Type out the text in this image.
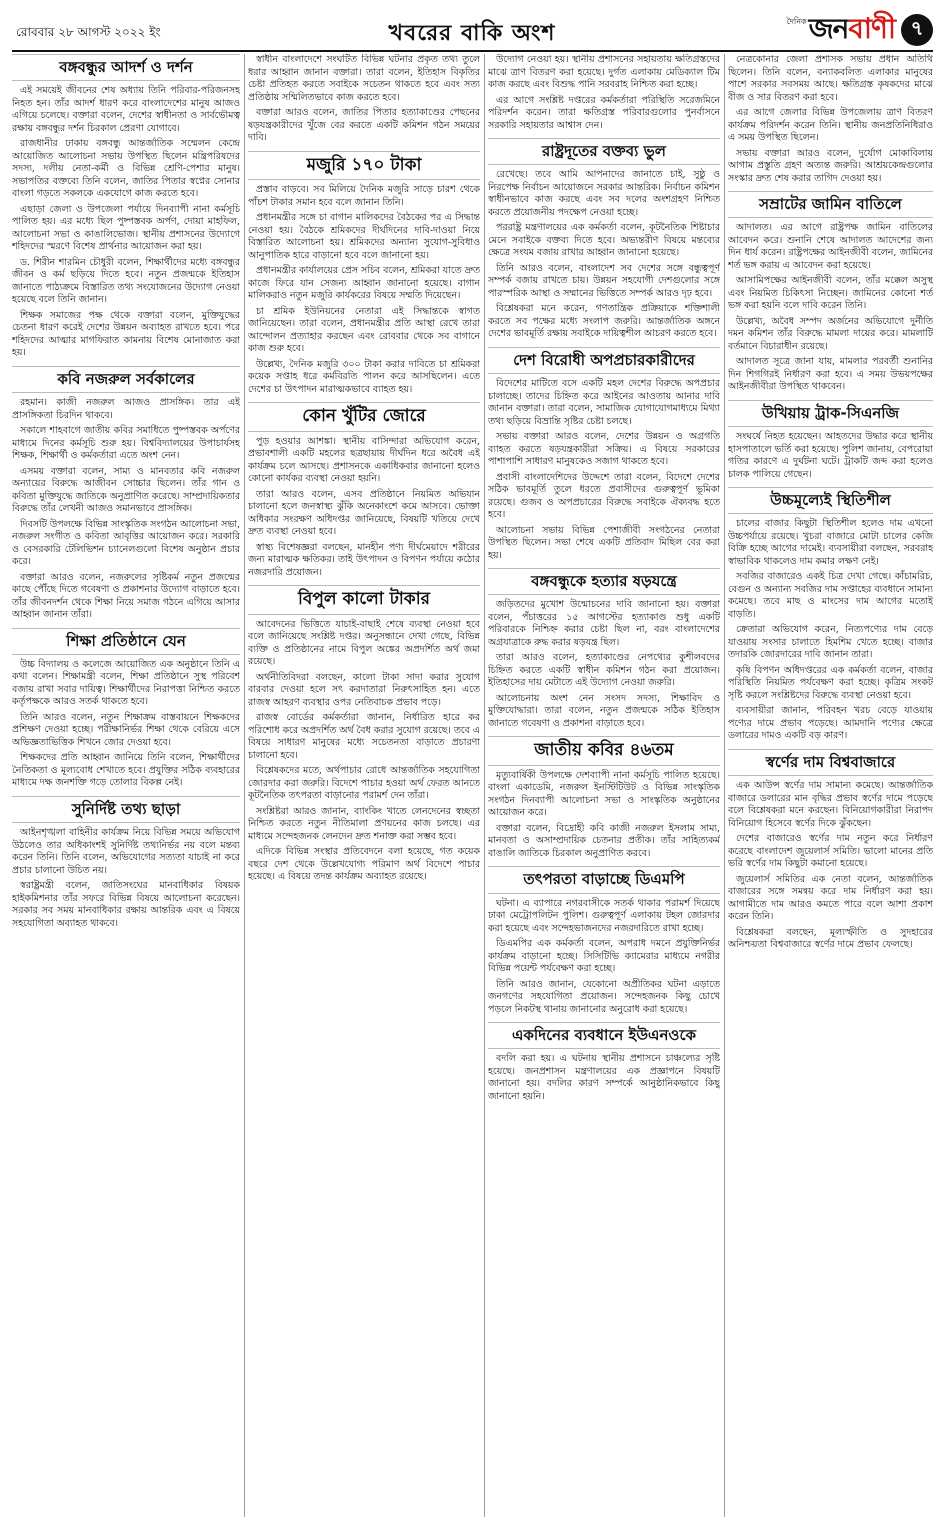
রোববার ২৮ আগস্ট ২০২২ ইং	খবরের বাকি অংশ	দৈনিক জনবাণী ৭
বঙ্গবন্ধুর আদর্শ ও দর্শন

এই সময়েই জীবনের শেষ অধ্যায় তিনি পরিবার-পরিজনসহ নিহত হন। তাঁর আদর্শ ধারণ করে বাংলাদেশের মানুষ আজও এগিয়ে চলেছে। বক্তারা বলেন, দেশের স্বাধীনতা ও সার্বভৌমত্ব রক্ষায় বঙ্গবন্ধুর দর্শন চিরকাল প্রেরণা যোগাবে।

রাজধানীর ঢাকায় বঙ্গবন্ধু আন্তর্জাতিক সম্মেলন কেন্দ্রে আয়োজিত আলোচনা সভায় উপস্থিত ছিলেন মন্ত্রিপরিষদের সদস্য, দলীয় নেতা-কর্মী ও বিভিন্ন শ্রেণি-পেশার মানুষ। সভাপতির বক্তব্যে তিনি বলেন, জাতির পিতার স্বপ্নের সোনার বাংলা গড়তে সকলকে একযোগে কাজ করতে হবে।

এছাড়া জেলা ও উপজেলা পর্যায়ে দিনব্যাপী নানা কর্মসূচি পালিত হয়। এর মধ্যে ছিল পুষ্পস্তবক অর্পণ, দোয়া মাহফিল, আলোচনা সভা ও কাঙালিভোজ। স্থানীয় প্রশাসনের উদ্যোগে শহিদদের স্মরণে বিশেষ প্রার্থনার আয়োজন করা হয়।

ড. শিরীন শারমিন চৌধুরী বলেন, শিক্ষার্থীদের মধ্যে বঙ্গবন্ধুর জীবন ও কর্ম ছড়িয়ে দিতে হবে। নতুন প্রজন্মকে ইতিহাস জানাতে পাঠ্যক্রমে বিস্তারিত তথ্য সংযোজনের উদ্যোগ নেওয়া হয়েছে বলে তিনি জানান।

শিক্ষক সমাজের পক্ষ থেকে বক্তারা বলেন, মুক্তিযুদ্ধের চেতনা ধারণ করেই দেশের উন্নয়ন অব্যাহত রাখতে হবে। পরে শহিদদের আত্মার মাগফিরাত কামনায় বিশেষ মোনাজাত করা হয়।

কবি নজরুল সর্বকালের

রহমান। কাজী নজরুল আজও প্রাসঙ্গিক। তার এই প্রাসঙ্গিকতা চিরদিন থাকবে।

সকালে শাহবাগে জাতীয় কবির সমাধিতে পুষ্পস্তবক অর্পণের মাধ্যমে দিনের কর্মসূচি শুরু হয়। বিশ্ববিদ্যালয়ের উপাচার্যসহ শিক্ষক, শিক্ষার্থী ও কর্মকর্তারা এতে অংশ নেন।

এসময় বক্তারা বলেন, সাম্য ও মানবতার কবি নজরুল অন্যায়ের বিরুদ্ধে আজীবন সোচ্চার ছিলেন। তাঁর গান ও কবিতা মুক্তিযুদ্ধে জাতিকে অনুপ্রাণিত করেছে। সাম্প্রদায়িকতার বিরুদ্ধে তাঁর লেখনী আজও সমানভাবে প্রাসঙ্গিক।

দিবসটি উপলক্ষে বিভিন্ন সাংস্কৃতিক সংগঠন আলোচনা সভা, নজরুল সংগীত ও কবিতা আবৃত্তির আয়োজন করে। সরকারি ও বেসরকারি টেলিভিশন চ্যানেলগুলো বিশেষ অনুষ্ঠান প্রচার করে।

বক্তারা আরও বলেন, নজরুলের সৃষ্টিকর্ম নতুন প্রজন্মের কাছে পৌঁছে দিতে গবেষণা ও প্রকাশনার উদ্যোগ বাড়াতে হবে। তাঁর জীবনদর্শন থেকে শিক্ষা নিয়ে সমাজ গঠনে এগিয়ে আসার আহ্বান জানান তাঁরা।

শিক্ষা প্রতিষ্ঠানে যেন

উচ্চ বিদ্যালয় ও কলেজে আয়োজিত এক অনুষ্ঠানে তিনি এ কথা বলেন। শিক্ষামন্ত্রী বলেন, শিক্ষা প্রতিষ্ঠানে সুস্থ পরিবেশ বজায় রাখা সবার দায়িত্ব। শিক্ষার্থীদের নিরাপত্তা নিশ্চিত করতে কর্তৃপক্ষকে আরও সতর্ক থাকতে হবে।

তিনি আরও বলেন, নতুন শিক্ষাক্রম বাস্তবায়নে শিক্ষকদের প্রশিক্ষণ দেওয়া হচ্ছে। পরীক্ষানির্ভর শিক্ষা থেকে বেরিয়ে এসে অভিজ্ঞতাভিত্তিক শিখনে জোর দেওয়া হবে।

শিক্ষকদের প্রতি আহ্বান জানিয়ে তিনি বলেন, শিক্ষার্থীদের নৈতিকতা ও মূল্যবোধ শেখাতে হবে। প্রযুক্তির সঠিক ব্যবহারের মাধ্যমে দক্ষ জনশক্তি গড়ে তোলার বিকল্প নেই।

সুনির্দিষ্ট তথ্য ছাড়া

আইনশৃঙ্খলা বাহিনীর কার্যক্রম নিয়ে বিভিন্ন সময়ে অভিযোগ উঠলেও তার অধিকাংশই সুনির্দিষ্ট তথ্যনির্ভর নয় বলে মন্তব্য করেন তিনি। তিনি বলেন, অভিযোগের সত্যতা যাচাই না করে প্রচার চালানো উচিত নয়।

স্বরাষ্ট্রমন্ত্রী বলেন, জাতিসংঘের মানবাধিকার বিষয়ক হাইকমিশনার তাঁর সফরে বিভিন্ন বিষয়ে আলোচনা করেছেন। সরকার সব সময় মানবাধিকার রক্ষায় আন্তরিক এবং এ বিষয়ে সহযোগিতা অব্যাহত থাকবে।

স্বাধীন বাংলাদেশে সংঘটিত বিভিন্ন ঘটনার প্রকৃত তথ্য তুলে ধরার আহ্বান জানান বক্তারা। তারা বলেন, ইতিহাস বিকৃতির চেষ্টা প্রতিহত করতে সবাইকে সচেতন থাকতে হবে এবং সত্য প্রতিষ্ঠায় সম্মিলিতভাবে কাজ করতে হবে।

বক্তারা আরও বলেন, জাতির পিতার হত্যাকাণ্ডের পেছনের ষড়যন্ত্রকারীদের খুঁজে বের করতে একটি কমিশন গঠন সময়ের দাবি।

মজুরি ১৭০ টাকা

প্রস্তাব বাড়বে। সব মিলিয়ে দৈনিক মজুরি সাড়ে চারশ থেকে পাঁচশ টাকার সমান হবে বলে জানান তিনি।

প্রধানমন্ত্রীর সঙ্গে চা বাগান মালিকদের বৈঠকের পর এ সিদ্ধান্ত নেওয়া হয়। বৈঠকে শ্রমিকদের দীর্ঘদিনের দাবি-দাওয়া নিয়ে বিস্তারিত আলোচনা হয়। শ্রমিকদের অন্যান্য সুযোগ-সুবিধাও আনুপাতিক হারে বাড়ানো হবে বলে জানানো হয়।

প্রধানমন্ত্রীর কার্যালয়ের প্রেস সচিব বলেন, শ্রমিকরা যাতে দ্রুত কাজে ফিরে যান সেজন্য আহ্বান জানানো হয়েছে। বাগান মালিকরাও নতুন মজুরি কার্যকরের বিষয়ে সম্মতি দিয়েছেন।

চা শ্রমিক ইউনিয়নের নেতারা এই সিদ্ধান্তকে স্বাগত জানিয়েছেন। তারা বলেন, প্রধানমন্ত্রীর প্রতি আস্থা রেখে তারা আন্দোলন প্রত্যাহার করছেন এবং রোববার থেকে সব বাগানে কাজ শুরু হবে।

উল্লেখ্য, দৈনিক মজুরি ৩০০ টাকা করার দাবিতে চা শ্রমিকরা কয়েক সপ্তাহ ধরে কর্মবিরতি পালন করে আসছিলেন। এতে দেশের চা উৎপাদন মারাত্মকভাবে ব্যাহত হয়।

কোন খুঁটির জোরে

পুড় হওয়ার আশঙ্কা। স্থানীয় বাসিন্দারা অভিযোগ করেন, প্রভাবশালী একটি মহলের ছত্রছায়ায় দীর্ঘদিন ধরে অবৈধ এই কার্যক্রম চলে আসছে। প্রশাসনকে একাধিকবার জানানো হলেও কোনো কার্যকর ব্যবস্থা নেওয়া হয়নি।

তারা আরও বলেন, এসব প্রতিষ্ঠানে নিয়মিত অভিযান চালানো হলে জনস্বাস্থ্য ঝুঁকি অনেকাংশে কমে আসবে। ভোক্তা অধিকার সংরক্ষণ অধিদপ্তর জানিয়েছে, বিষয়টি খতিয়ে দেখে দ্রুত ব্যবস্থা নেওয়া হবে।

স্বাস্থ্য বিশেষজ্ঞরা বলছেন, মানহীন পণ্য দীর্ঘমেয়াদে শরীরের জন্য মারাত্মক ক্ষতিকর। তাই উৎপাদন ও বিপণন পর্যায়ে কঠোর নজরদারি প্রয়োজন।

বিপুল কালো টাকার

আবেদনের ভিত্তিতে যাচাই-বাছাই শেষে ব্যবস্থা নেওয়া হবে বলে জানিয়েছে সংশ্লিষ্ট দপ্তর। অনুসন্ধানে দেখা গেছে, বিভিন্ন ব্যক্তি ও প্রতিষ্ঠানের নামে বিপুল অঙ্কের অপ্রদর্শিত অর্থ জমা রয়েছে।

অর্থনীতিবিদরা বলছেন, কালো টাকা সাদা করার সুযোগ বারবার দেওয়া হলে সৎ করদাতারা নিরুৎসাহিত হন। এতে রাজস্ব আহরণ ব্যবস্থার ওপর নেতিবাচক প্রভাব পড়ে।

রাজস্ব বোর্ডের কর্মকর্তারা জানান, নির্ধারিত হারে কর পরিশোধ করে অপ্রদর্শিত অর্থ বৈধ করার সুযোগ রয়েছে। তবে এ বিষয়ে সাধারণ মানুষের মধ্যে সচেতনতা বাড়াতে প্রচারণা চালানো হবে।

বিশ্লেষকদের মতে, অর্থপাচার রোধে আন্তর্জাতিক সহযোগিতা জোরদার করা জরুরি। বিদেশে পাচার হওয়া অর্থ ফেরত আনতে কূটনৈতিক তৎপরতা বাড়ানোর পরামর্শ দেন তাঁরা।

সংশ্লিষ্টরা আরও জানান, ব্যাংকিং খাতে লেনদেনের স্বচ্ছতা নিশ্চিত করতে নতুন নীতিমালা প্রণয়নের কাজ চলছে। এর মাধ্যমে সন্দেহজনক লেনদেন দ্রুত শনাক্ত করা সম্ভব হবে।

এদিকে বিভিন্ন সংস্থার প্রতিবেদনে বলা হয়েছে, গত কয়েক বছরে দেশ থেকে উল্লেখযোগ্য পরিমাণ অর্থ বিদেশে পাচার হয়েছে। এ বিষয়ে তদন্ত কার্যক্রম অব্যাহত রয়েছে।

উদ্যোগ নেওয়া হয়। স্থানীয় প্রশাসনের সহায়তায় ক্ষতিগ্রস্তদের মাঝে ত্রাণ বিতরণ করা হয়েছে। দুর্গত এলাকায় মেডিক্যাল টিম কাজ করছে এবং বিশুদ্ধ পানি সরবরাহ নিশ্চিত করা হচ্ছে।

এর আগে সংশ্লিষ্ট দপ্তরের কর্মকর্তারা পরিস্থিতি সরেজমিনে পরিদর্শন করেন। তারা ক্ষতিগ্রস্ত পরিবারগুলোর পুনর্বাসনে সরকারি সহায়তার আশ্বাস দেন।

রাষ্ট্রদূতের বক্তব্য ভুল

রেখেছে। তবে আমি আপনাদের জানাতে চাই, সুষ্ঠু ও নিরপেক্ষ নির্বাচন আয়োজনে সরকার আন্তরিক। নির্বাচন কমিশন স্বাধীনভাবে কাজ করছে এবং সব দলের অংশগ্রহণ নিশ্চিত করতে প্রয়োজনীয় পদক্ষেপ নেওয়া হচ্ছে।

পররাষ্ট্র মন্ত্রণালয়ের এক কর্মকর্তা বলেন, কূটনৈতিক শিষ্টাচার মেনে সবাইকে বক্তব্য দিতে হবে। অভ্যন্তরীণ বিষয়ে মন্তব্যের ক্ষেত্রে সংযম বজায় রাখার আহ্বান জানানো হয়েছে।

তিনি আরও বলেন, বাংলাদেশ সব দেশের সঙ্গে বন্ধুত্বপূর্ণ সম্পর্ক বজায় রাখতে চায়। উন্নয়ন সহযোগী দেশগুলোর সঙ্গে পারস্পরিক আস্থা ও সম্মানের ভিত্তিতে সম্পর্ক আরও দৃঢ় হবে।

বিশ্লেষকরা মনে করেন, গণতান্ত্রিক প্রক্রিয়াকে শক্তিশালী করতে সব পক্ষের মধ্যে সংলাপ জরুরি। আন্তর্জাতিক অঙ্গনে দেশের ভাবমূর্তি রক্ষায় সবাইকে দায়িত্বশীল আচরণ করতে হবে।

দেশ বিরোধী অপপ্রচারকারীদের

বিদেশের মাটিতে বসে একটি মহল দেশের বিরুদ্ধে অপপ্রচার চালাচ্ছে। তাদের চিহ্নিত করে আইনের আওতায় আনার দাবি জানান বক্তারা। তারা বলেন, সামাজিক যোগাযোগমাধ্যমে মিথ্যা তথ্য ছড়িয়ে বিভ্রান্তি সৃষ্টির চেষ্টা চলছে।

সভায় বক্তারা আরও বলেন, দেশের উন্নয়ন ও অগ্রগতি ব্যাহত করতে ষড়যন্ত্রকারীরা সক্রিয়। এ বিষয়ে সরকারের পাশাপাশি সাধারণ মানুষকেও সজাগ থাকতে হবে।

প্রবাসী বাংলাদেশিদের উদ্দেশে তারা বলেন, বিদেশে দেশের সঠিক ভাবমূর্তি তুলে ধরতে প্রবাসীদের গুরুত্বপূর্ণ ভূমিকা রয়েছে। গুজব ও অপপ্রচারের বিরুদ্ধে সবাইকে ঐক্যবদ্ধ হতে হবে।

আলোচনা সভায় বিভিন্ন পেশাজীবী সংগঠনের নেতারা উপস্থিত ছিলেন। সভা শেষে একটি প্রতিবাদ মিছিল বের করা হয়।

বঙ্গবন্ধুকে হত্যার ষড়যন্ত্রে

জড়িতদের মুখোশ উন্মোচনের দাবি জানানো হয়। বক্তারা বলেন, পঁচাত্তরের ১৫ আগস্টের হত্যাকাণ্ড শুধু একটি পরিবারকে নিশ্চিহ্ন করার চেষ্টা ছিল না, বরং বাংলাদেশের অগ্রযাত্রাকে রুদ্ধ করার ষড়যন্ত্র ছিল।

তারা আরও বলেন, হত্যাকাণ্ডের নেপথ্যের কুশীলবদের চিহ্নিত করতে একটি স্বাধীন কমিশন গঠন করা প্রয়োজন। ইতিহাসের দায় মেটাতে এই উদ্যোগ নেওয়া জরুরি।

আলোচনায় অংশ নেন সংসদ সদস্য, শিক্ষাবিদ ও মুক্তিযোদ্ধারা। তারা বলেন, নতুন প্রজন্মকে সঠিক ইতিহাস জানাতে গবেষণা ও প্রকাশনা বাড়াতে হবে।

জাতীয় কবির ৪৬তম

মৃত্যুবার্ষিকী উপলক্ষে দেশব্যাপী নানা কর্মসূচি পালিত হয়েছে। বাংলা একাডেমি, নজরুল ইনস্টিটিউট ও বিভিন্ন সাংস্কৃতিক সংগঠন দিনব্যাপী আলোচনা সভা ও সাংস্কৃতিক অনুষ্ঠানের আয়োজন করে।

বক্তারা বলেন, বিদ্রোহী কবি কাজী নজরুল ইসলাম সাম্য, মানবতা ও অসাম্প্রদায়িক চেতনার প্রতীক। তাঁর সাহিত্যকর্ম বাঙালি জাতিকে চিরকাল অনুপ্রাণিত করবে।

তৎপরতা বাড়াচ্ছে ডিএমপি

ঘটনা। এ ব্যাপারে নগরবাসীকে সতর্ক থাকার পরামর্শ দিয়েছে ঢাকা মেট্রোপলিটন পুলিশ। গুরুত্বপূর্ণ এলাকায় টহল জোরদার করা হয়েছে এবং সন্দেহভাজনদের নজরদারিতে রাখা হচ্ছে।

ডিএমপির এক কর্মকর্তা বলেন, অপরাধ দমনে প্রযুক্তিনির্ভর কার্যক্রম বাড়ানো হচ্ছে। সিসিটিভি ক্যামেরার মাধ্যমে নগরীর বিভিন্ন পয়েন্ট পর্যবেক্ষণ করা হচ্ছে।

তিনি আরও জানান, যেকোনো অপ্রীতিকর ঘটনা এড়াতে জনগণের সহযোগিতা প্রয়োজন। সন্দেহজনক কিছু চোখে পড়লে নিকটস্থ থানায় জানানোর অনুরোধ করা হয়েছে।

একদিনের ব্যবধানে ইউএনওকে

বদলি করা হয়। এ ঘটনায় স্থানীয় প্রশাসনে চাঞ্চল্যের সৃষ্টি হয়েছে। জনপ্রশাসন মন্ত্রণালয়ের এক প্রজ্ঞাপনে বিষয়টি জানানো হয়। বদলির কারণ সম্পর্কে আনুষ্ঠানিকভাবে কিছু জানানো হয়নি।

নেত্রকোনার জেলা প্রশাসক সভায় প্রধান অতিথি ছিলেন। তিনি বলেন, বন্যাকবলিত এলাকার মানুষের পাশে সরকার সবসময় আছে। ক্ষতিগ্রস্ত কৃষকদের মাঝে বীজ ও সার বিতরণ করা হবে।

এর আগে জেলার বিভিন্ন উপজেলায় ত্রাণ বিতরণ কার্যক্রম পরিদর্শন করেন তিনি। স্থানীয় জনপ্রতিনিধিরাও এ সময় উপস্থিত ছিলেন।

সভায় বক্তারা আরও বলেন, দুর্যোগ মোকাবিলায় আগাম প্রস্তুতি গ্রহণ অত্যন্ত জরুরি। আশ্রয়কেন্দ্রগুলোর সংস্কার দ্রুত শেষ করার তাগিদ দেওয়া হয়।

সম্রাটের জামিন বাতিলে

আদালত। এর আগে রাষ্ট্রপক্ষ জামিন বাতিলের আবেদন করে। শুনানি শেষে আদালত আদেশের জন্য দিন ধার্য করেন। রাষ্ট্রপক্ষের আইনজীবী বলেন, জামিনের শর্ত ভঙ্গ করায় এ আবেদন করা হয়েছে।

আসামিপক্ষের আইনজীবী বলেন, তাঁর মক্কেল অসুস্থ এবং নিয়মিত চিকিৎসা নিচ্ছেন। জামিনের কোনো শর্ত ভঙ্গ করা হয়নি বলে দাবি করেন তিনি।

উল্লেখ্য, অবৈধ সম্পদ অর্জনের অভিযোগে দুর্নীতি দমন কমিশন তাঁর বিরুদ্ধে মামলা দায়ের করে। মামলাটি বর্তমানে বিচারাধীন রয়েছে।

আদালত সূত্রে জানা যায়, মামলার পরবর্তী শুনানির দিন শিগগিরই নির্ধারণ করা হবে। এ সময় উভয়পক্ষের আইনজীবীরা উপস্থিত থাকবেন।

উখিয়ায় ট্রাক-সিএনজি

সংঘর্ষে নিহত হয়েছেন। আহতদের উদ্ধার করে স্থানীয় হাসপাতালে ভর্তি করা হয়েছে। পুলিশ জানায়, বেপরোয়া গতির কারণে এ দুর্ঘটনা ঘটে। ট্রাকটি জব্দ করা হলেও চালক পালিয়ে গেছেন।

উচ্চমূল্যেই স্থিতিশীল

চালের বাজার কিছুটা স্থিতিশীল হলেও দাম এখনো উচ্চপর্যায়ে রয়েছে। খুচরা বাজারে মোটা চালের কেজি বিক্রি হচ্ছে আগের দামেই। ব্যবসায়ীরা বলছেন, সরবরাহ স্বাভাবিক থাকলেও দাম কমার লক্ষণ নেই।

সবজির বাজারেও একই চিত্র দেখা গেছে। কাঁচামরিচ, বেগুন ও অন্যান্য সবজির দাম সপ্তাহের ব্যবধানে সামান্য কমেছে। তবে মাছ ও মাংসের দাম আগের মতোই বাড়তি।

ক্রেতারা অভিযোগ করেন, নিত্যপণ্যের দাম বেড়ে যাওয়ায় সংসার চালাতে হিমশিম খেতে হচ্ছে। বাজার তদারকি জোরদারের দাবি জানান তারা।

কৃষি বিপণন অধিদপ্তরের এক কর্মকর্তা বলেন, বাজার পরিস্থিতি নিয়মিত পর্যবেক্ষণ করা হচ্ছে। কৃত্রিম সংকট সৃষ্টি করলে সংশ্লিষ্টদের বিরুদ্ধে ব্যবস্থা নেওয়া হবে।

ব্যবসায়ীরা জানান, পরিবহন খরচ বেড়ে যাওয়ায় পণ্যের দামে প্রভাব পড়েছে। আমদানি পণ্যের ক্ষেত্রে ডলারের দামও একটি বড় কারণ।

স্বর্ণের দাম বিশ্ববাজারে

এক আউন্স স্বর্ণের দাম সামান্য কমেছে। আন্তর্জাতিক বাজারে ডলারের মান বৃদ্ধির প্রভাব স্বর্ণের দামে পড়েছে বলে বিশ্লেষকরা মনে করছেন। বিনিয়োগকারীরা নিরাপদ বিনিয়োগ হিসেবে স্বর্ণের দিকে ঝুঁকছেন।

দেশের বাজারেও স্বর্ণের দাম নতুন করে নির্ধারণ করেছে বাংলাদেশ জুয়েলার্স সমিতি। ভালো মানের প্রতি ভরি স্বর্ণের দাম কিছুটা কমানো হয়েছে।

জুয়েলার্স সমিতির এক নেতা বলেন, আন্তর্জাতিক বাজারের সঙ্গে সমন্বয় করে দাম নির্ধারণ করা হয়। আগামীতে দাম আরও কমতে পারে বলে আশা প্রকাশ করেন তিনি।

বিশ্লেষকরা বলছেন, মূল্যস্ফীতি ও সুদহারের অনিশ্চয়তা বিশ্ববাজারে স্বর্ণের দামে প্রভাব ফেলছে।
